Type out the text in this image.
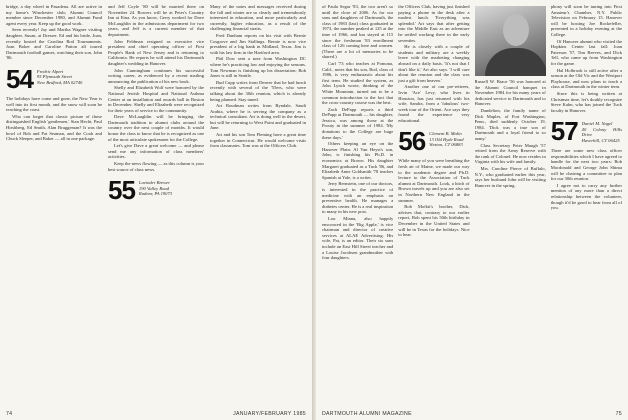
bridge, a day wheel in Pasadena. All are active in my home's Winchester club; Alumni Council member since December 1980, and Alumni Fund agent every year. Keep up the good work.

Seen recently! Jay and Martha Wagner visiting daughter, Susan, at Dresser. Ed and his bride, Joan, recently hosted the Carolina Rod Tournaments. Joan Boker and Caroline Patton all toured Dartmouth football games, watching their son, John '86.

54 Fredric Alpert
95 Plymouth Street
New Bedford, MA 02740

The holidays have come and gone, the New Year is well into its first month, and the snow will soon be reaching the coast.

Who can forget that classic picture of those distinguished English 'gentlemen,' Stan Hecht, Paul Hirshberg, Ed Smith, Alan Bruggeman? It was the bowl of Bob and Pat Seaman, and the Cook and Chuck Sleeper, and Baker — all in one package.

and Jeff Coyle '80 will be married there on November 24. Bowers will be at Peter's Country Inn at Etna. As you know, Gerry worked for Dave McLaughlin in the admissions department for two years, and Jeff is a current member of that department.

John Feldman resigned as executive vice president and chief operating officer of First People's Bank of New Jersey and is returning to California. He reports he will attend his Dartmouth daughter's wedding in Hanover.

John Cunningham continues his successful writing career, as evidenced by a recent mailing announcing the publication of his new book.

Shelly and Elizabeth Wolf were honored by the National Jewish Hospital and National Asthma Center at an installation and awards ball in Boston in December. Shelly and Elizabeth were recognized for their years of service to the community.

Dave McLaughlin will be bringing the Dartmouth tradition to alumni clubs around the country over the next couple of months. It would honor the class to know that he is recognized as one of the most articulate spokesmen for the College.

Let's give Dave a great welcome — and please send me any information of class members' activities.

Keep the news flowing — as this column is your best source of class news.

55 Lavinder Brewer
190 Valley Road
Radnor, PA 19073

Many of the notes and messages received during the fall and winter are so clearly and tremendously interested in education, and more particularly and currently, higher education, as a result of the challenging financial straits.

Fred Dunham reports on his visit with Bernie Cosgrove and Jim Stallings. Bernie is now vice president of a big bank in Midland, Texas. Jim is with his law firm in the Hartford area.

Phil Dow sent a note from Washington DC where he's practicing law and enjoying the seasons. Tom Newman is finishing up his dissertation; Bob Jones is still in Seattle.

Bud Cupp writes from Denver that he had lunch recently with several of the '55ers, who were talking about the 30th reunion, which is already being planned. Stay tuned.

Art Roudman writes from Ryndale, Saudi Arabia, where he is serving the company as a technical consultant. Art is doing well in the desert, but will be returning to West Point and graduated in June.

Art and his son Tom Fleming have a great time together in Connecticut. He would welcome visits from classmates. Tom was at the Officers Club.

74	JANUARY/FEBRUARY 1985

of Paula Segar '83, the two aren't so until the close of 2006. As for our sons and daughters of Dartmouth, the class of 1983 (last) class graduated in 1973, the number peaked at 125 at the time of 1966, and has stayed at 115 since the freshman '83 enrollment class of 126 coming here and women. (There are a lot of memories to be shared.)

Carl '73 who teaches at Pomona, Calif., notes that his son, Rod, class of 1986, is very enthusiastic about his first term. He studied the system, as John Lynch wrote, thinking of the White Mountain, turned out to be a common introduction to the fact that the cross-country course was the best.

Zach DePapp reports a third DePapp at Dartmouth — his daughter, Jessica, was among those at the Prouty in the summer of 1984. 'My donations to the College are huge these days.'

Others keeping an eye on the Hanover Plain: Al Van Heyst's son, John, is finishing his Ph.D. in economics at Brown. His daughter Margaret graduated as a Tuck '86, and Elizabeth Anne Goldsmith '78 teaches Spanish at Yale, is a writer.

Jerry Bernstein, one of our doctors, is interested in the practice of medicine with an emphasis on preventive health. He manages a diabetes center. He is a real inspiration to many in his new post.

Lou Mianu, also happily ensconced in the 'Big Apple,' is vice chairman and director of creative services at ALAE Advertising. His wife, Pat, is an editor. Their six sons include an East Hill Street teacher and a Louise Jacobsen grandmother with four daughters.

the Officers Club, having just finished paying a phone in the desk after a modest lunch. 'Everything was splendid.' Art says that after getting into the Middle East as an adventure he settled working there in the early seventies.

He is closely with a couple of students and military are a weekly leave with the marketing changing abroad on a daily basis. 'It's not that I don't like it,' Art also says. 'I will care about the reunion and the class was just a gift from heaven.'

Another one of our pre-retirees, Irvin 'Ace' Levy, who lives in Houston, has just returned with his wife, Sandra, from a 'fabulous' two-week tour of the Orient. Ace says they found the experience very educational.

56 Clement B. Malin
13 Old Hyde Road
Weston, CT 06883

While many of you were breathing the fresh air of Maine, we made our way to the academic degree and Ph.D. lecture to the Association of Tuck alumni at Dartmouth. Look, a hitch of Brown travels up and you are also set in Northern New England in the summer.

Bob Moffat's brother, Dick, advises that, contrary to our earlier report, Bob spent his 50th birthday in December in the United States and will be in Texas for the holidays. Nice to hear.

Russell W. Brace '56 was honored at the Alumni Council banquet in November 1984 for his many years of dedicated service to Dartmouth and to Hanover.

Dandelion, the family name of Dick Maples, of Fort Washington, Penn., died suddenly October 19, 1984. 'Dick was a true son of Dartmouth and a loyal friend to so many.'

Class Secretary Peter Maugh '57 retired from the Army Reserve with the rank of Colonel. He now resides in Virginia with his wife and family.

Mrs. Caroline Pierce of Buffalo, N.Y., who graduated earlier this year, says her husband John will be visiting Hanover in the spring.

phony will soon be tuning into First Amateur's Chamber, N.Y. Public Television on February 15. Hanover will be hosting Joe Rockefeller, presented in a holiday evening at the College.

Of Hanover alumni who visited the Hopkins Center last fall: Joan Paterson '57, Tim Reeves, and Dick Tell, who came up from Washington for the game.

Hal Holbrook is still active after a season at the Old Vic and the Westport Playhouse, and now plans to teach a class at Dartmouth in the winter term.

Since this is being written at Christmas time, let's doubly recognize Steve Kahn, who has joined the Tuck faculty in Hanover.

57 Daniel M. Nagel
40 Colony Hills Drive
Haverhill, CT 06425

There are some new class officer responsibilities which I have agreed to handle for the next two years: Bob Macdonald and George John Shima will be chairing a committee to plan for our 30th reunion.

I agree not to carry any further mention of any more than a direct relationship between the volunteer, though it'd be good to hear from all of you.

DARTMOUTH ALUMNI MAGAZINE	75
